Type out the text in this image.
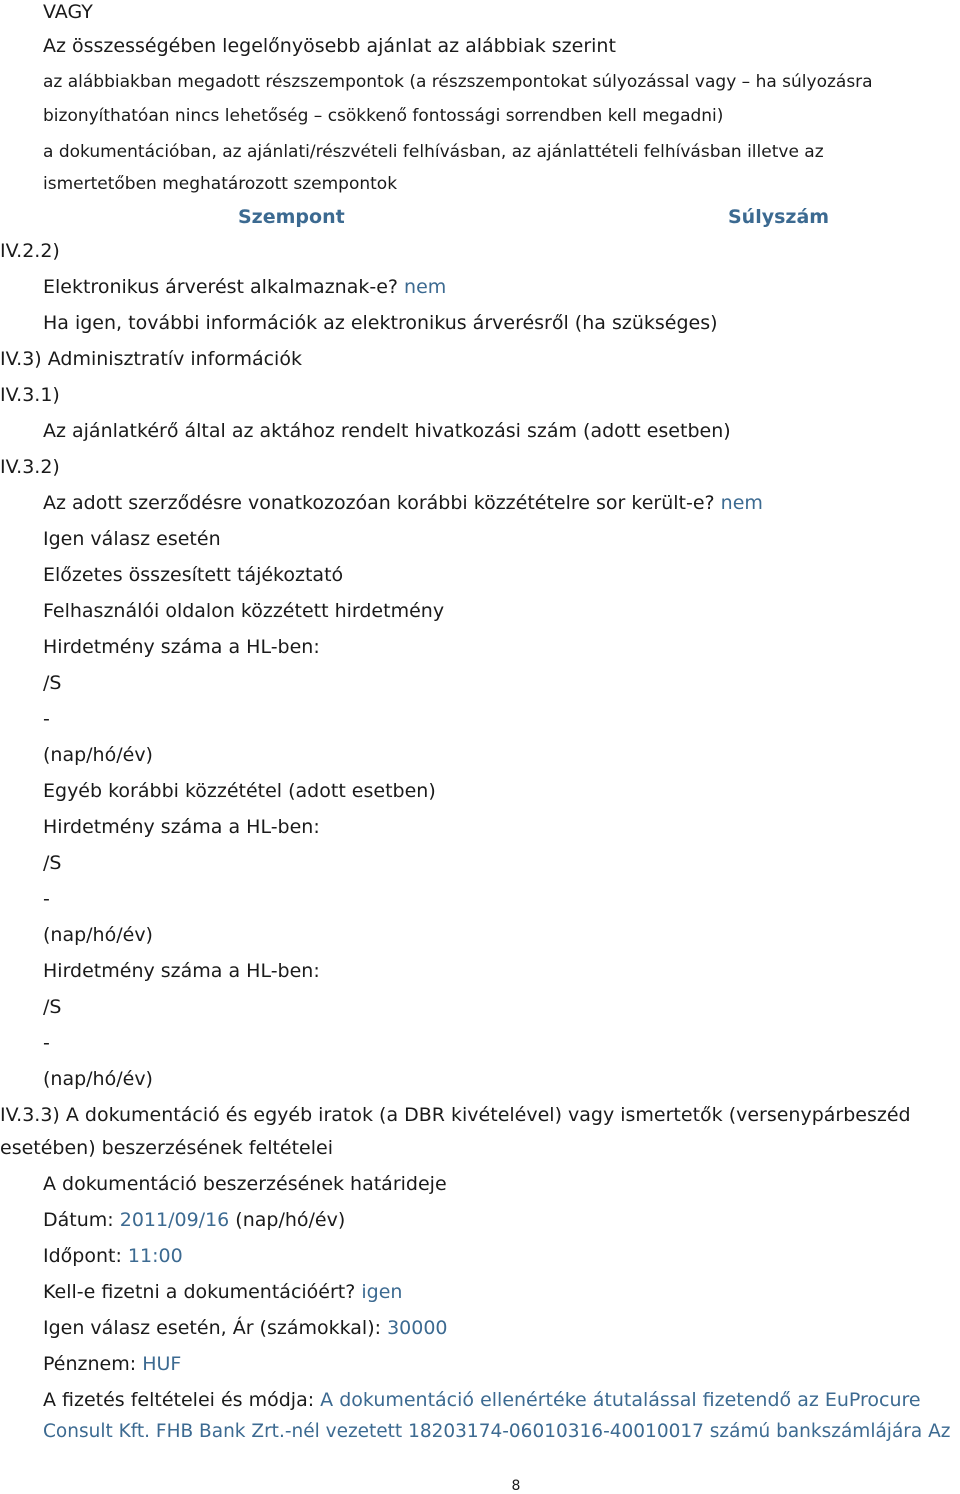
VAGY
Az összességében legelőnyösebb ajánlat az alábbiak szerint
az alábbiakban megadott részszempontok (a részszempontokat súlyozással vagy – ha súlyozásra
bizonyíthatóan nincs lehetőség – csökkenő fontossági sorrendben kell megadni)
a dokumentációban, az ajánlati/részvételi felhívásban, az ajánlattételi felhívásban illetve az
ismertetőben meghatározott szempontok
Szempont	Súlyszám
IV.2.2)
Elektronikus árverést alkalmaznak-e? nem
Ha igen, további információk az elektronikus árverésről (ha szükséges)
IV.3) Adminisztratív információk
IV.3.1)
Az ajánlatkérő által az aktához rendelt hivatkozási szám (adott esetben)
IV.3.2)
Az adott szerződésre vonatkozozóan korábbi közzétételre sor került-e? nem
Igen válasz esetén
Előzetes összesített tájékoztató
Felhasználói oldalon közzétett hirdetmény
Hirdetmény száma a HL-ben:
/S
-
(nap/hó/év)
Egyéb korábbi közzététel (adott esetben)
Hirdetmény száma a HL-ben:
/S
-
(nap/hó/év)
Hirdetmény száma a HL-ben:
/S
-
(nap/hó/év)
IV.3.3) A dokumentáció és egyéb iratok (a DBR kivételével) vagy ismertetők (versenypárbeszéd
esetében) beszerzésének feltételei
A dokumentáció beszerzésének határideje
Dátum: 2011/09/16 (nap/hó/év)
Időpont: 11:00
Kell-e fizetni a dokumentációért? igen
Igen válasz esetén, Ár (számokkal): 30000
Pénznem: HUF
A fizetés feltételei és módja: A dokumentáció ellenértéke átutalással fizetendő az EuProcure
Consult Kft. FHB Bank Zrt.-nél vezetett 18203174-06010316-40010017 számú bankszámlájára Az
8
